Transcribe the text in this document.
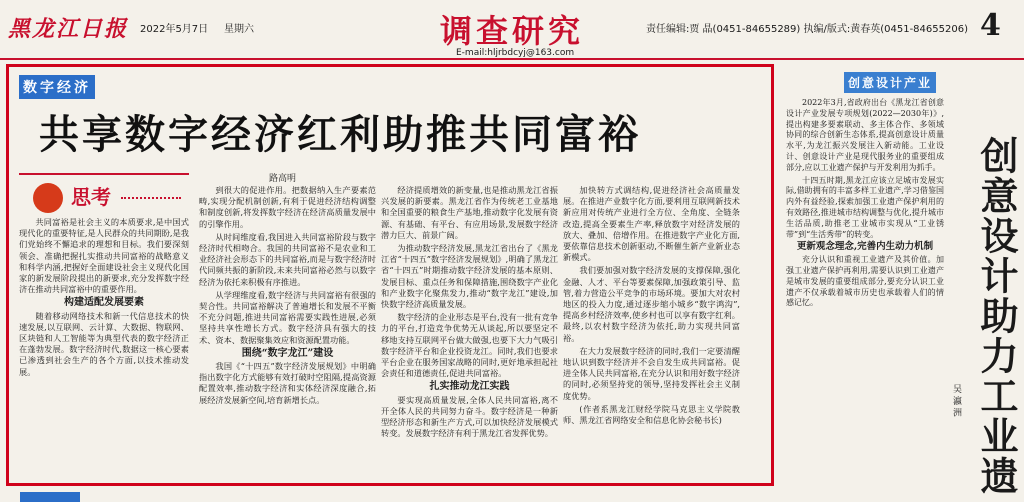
黑龙江日报 2022年5月7日 星期六	调查研究
E-mail:hljrbdcyj@163.com
责任编辑:贾 晶(0451-84655289) 执编/版式:黄春英(0451-84655206) 4
数字经济
共享数字经济红利助推共同富裕
路高明
思考

共同富裕是社会主义的本质要求,是中国式现代化的重要特征,是人民群众的共同期盼,是我们党始终不懈追求的理想和目标。我们要深刻领会、准确把握扎实推动共同富裕的战略意义和科学内涵,把握好全面建设社会主义现代化国家的新发展阶段提出的新要求,充分发挥数字经济在推动共同富裕中的重要作用。

构建适配发展要素

随着移动网络技术和新一代信息技术的快速发展,以互联网、云计算、大数据、物联网、区块链和人工智能等为典型代表的数字经济正在蓬勃发展。数字经济时代,数据这一核心要素已渗透到社会生产的各个方面,以技术推动发展。

到很大的促进作用。把数据纳入生产要素范畴,实现分配机制创新,有利于促进经济结构调整和制度创新,将发挥数字经济在经济高质量发展中的引擎作用。

从时间维度看,我国进入共同富裕阶段与数字经济时代相吻合。我国的共同富裕不是农业和工业经济社会形态下的共同富裕,而是与数字经济时代同频共振的新阶段,未来共同富裕必然与以数字经济为依托来积极有序推进。

从学理维度看,数字经济与共同富裕有很强的契合性。共同富裕解决了普遍增长和发展不平衡不充分问题,推进共同富裕需要实践性进展,必须坚持共享性增长方式。数字经济具有强大的技术、资本、数据聚集效应和资源配置功能。

围绕“数字龙江”建设

我国《“十四五”数字经济发展规划》中明确指出数字化方式能够有效打破时空阻隔,提高资源配置效率,推动数字经济和实体经济深度融合,拓展经济发展新空间,培育新增长点。

经济提质增效的新变量,也是推动黑龙江省振兴发展的新要素。黑龙江省作为传统老工业基地和全国重要的粮食生产基地,推动数字化发展有资源、有基础、有平台、有应用场景,发展数字经济潜力巨大、前景广阔。

为推动数字经济发展,黑龙江省出台了《黑龙江省“十四五”数字经济发展规划》,明确了黑龙江省“十四五”时期推动数字经济发展的基本原则、发展目标、重点任务和保障措施,围绕数字产业化和产业数字化聚焦发力,推动“数字龙江”建设,加快数字经济高质量发展。

数字经济的企业形态是平台,没有一批有竞争力的平台,打造竞争优势无从谈起,所以要坚定不移地支持互联网平台做大做强,也要下大力气吸引数字经济平台和企业投资龙江。同时,我们也要求平台企业在服务国家战略的同时,更好地承担起社会责任和道德责任,促进共同富裕。

扎实推动龙江实践

要实现高质量发展,全体人民共同富裕,离不开全体人民的共同努力奋斗。数字经济是一种新型经济形态和新生产方式,可以加快经济发展模式转变。发展数字经济有利于黑龙江省发挥优势。

加快转方式调结构,促进经济社会高质量发展。在推进产业数字化方面,要利用互联网新技术新应用对传统产业进行全方位、全角度、全链条改造,提高全要素生产率,释放数字对经济发展的放大、叠加、倍增作用。在推进数字产业化方面,要依靠信息技术创新驱动,不断催生新产业新业态新模式。

我们要加强对数字经济发展的支撑保障,强化金融、人才、平台等要素保障,加强政策引导、监管,着力营造公平竞争的市场环境。要加大对农村地区的投入力度,通过逐步缩小城乡“数字鸿沟”,提高乡村经济效率,使乡村也可以享有数字红利。最终,以农村数字经济为依托,助力实现共同富裕。

在大力发展数字经济的同时,我们一定要清醒地认识到数字经济并不会自发生成共同富裕。促进全体人民共同富裕,在充分认识和用好数字经济的同时,必须坚持党的领导,坚持发挥社会主义制度优势。

(作者系黑龙江财经学院马克思主义学院教师、黑龙江省网络安全和信息化协会秘书长)

创意设计产业

2022年3月,省政府出台《黑龙江省创意设计产业发展专项规划(2022—2030年)》,提出构建多要素联动、多主体合作、多领域协同的综合创新生态体系,提高创意设计质量水平,为龙江振兴发展注入新动能。工业设计、创意设计产业是现代服务业的重要组成部分,应以工业遗产保护与开发利用为抓手。

十四五时期,黑龙江应该立足城市发展实际,借助拥有的丰富多样工业遗产,学习借鉴国内外有益经验,探索加强工业遗产保护利用的有效路径,推进城市结构调整与优化,提升城市生活品质,助推老工业城市实现从“工业锈带”到“生活秀带”的转变。

更新观念理念,完善内生动力机制

充分认识和重视工业遗产及其价值。加强工业遗产保护再利用,需要认识到工业遗产是城市发展的重要组成部分,要充分认识工业遗产不仅承载着城市历史也承载着人们的情感记忆。

吴 瀛 洲 创意设计助力工业遗
